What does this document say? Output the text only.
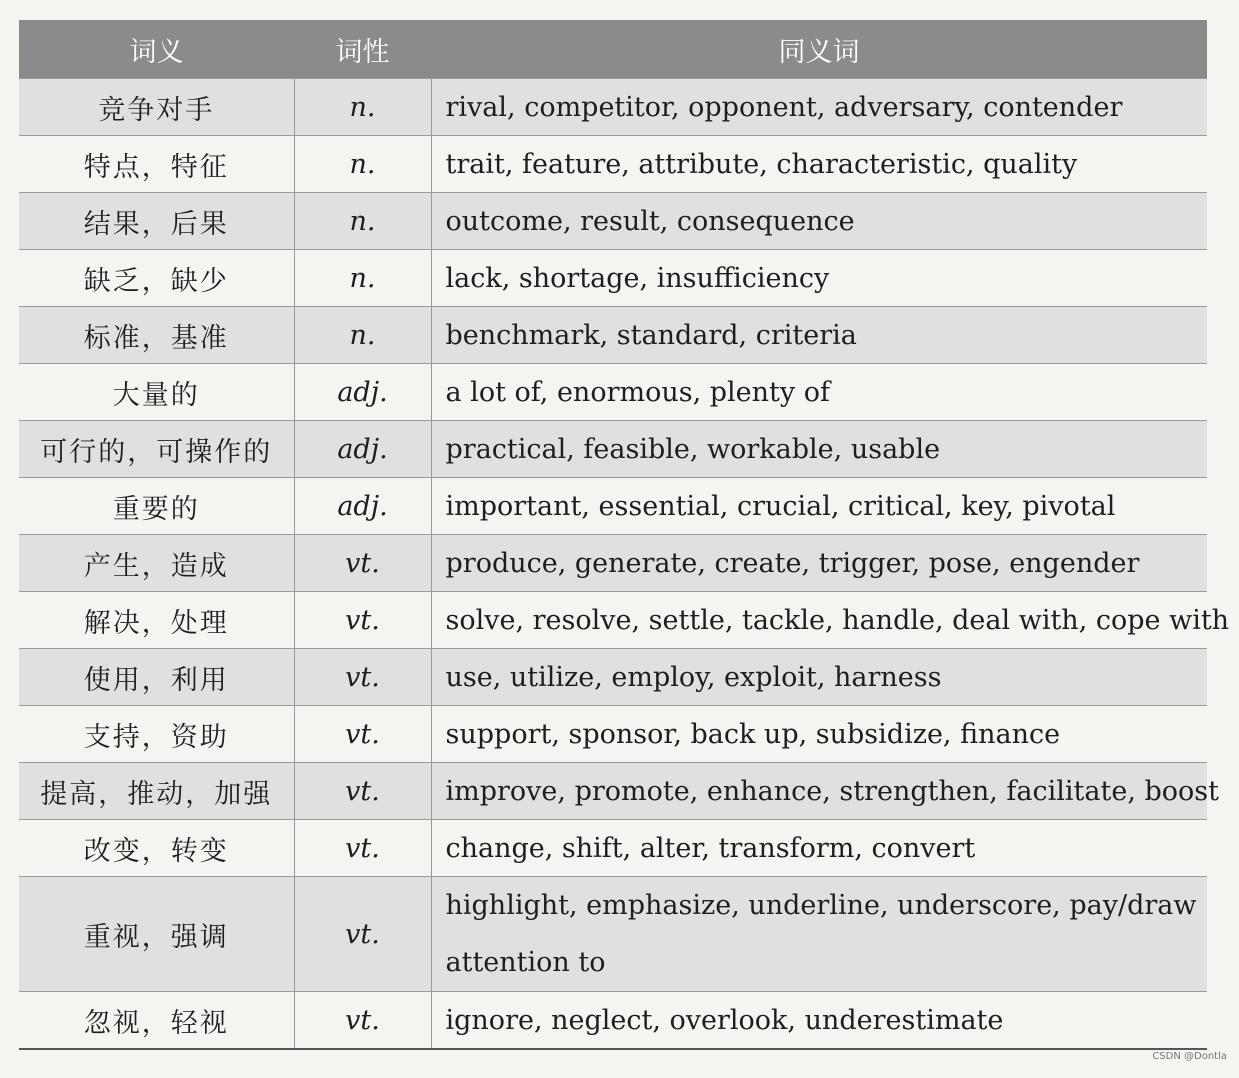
词义	词性	同义词
竞争对手	n.	rival, competitor, opponent, adversary, contender
特点，特征	n.	trait, feature, attribute, characteristic, quality
结果，后果	n.	outcome, result, consequence
缺乏，缺少	n.	lack, shortage, insufficiency
标准，基准	n.	benchmark, standard, criteria
大量的	adj.	a lot of, enormous, plenty of
可行的，可操作的	adj.	practical, feasible, workable, usable
重要的	adj.	important, essential, crucial, critical, key, pivotal
产生，造成	vt.	produce, generate, create, trigger, pose, engender
解决，处理	vt.	solve, resolve, settle, tackle, handle, deal with, cope with
使用，利用	vt.	use, utilize, employ, exploit, harness
支持，资助	vt.	support, sponsor, back up, subsidize, finance
提高，推动，加强	vt.	improve, promote, enhance, strengthen, facilitate, boost
改变，转变	vt.	change, shift, alter, transform, convert
重视，强调	vt.	highlight, emphasize, underline, underscore, pay/draw attention to
忽视，轻视	vt.	ignore, neglect, overlook, underestimate
CSDN @Dontla
